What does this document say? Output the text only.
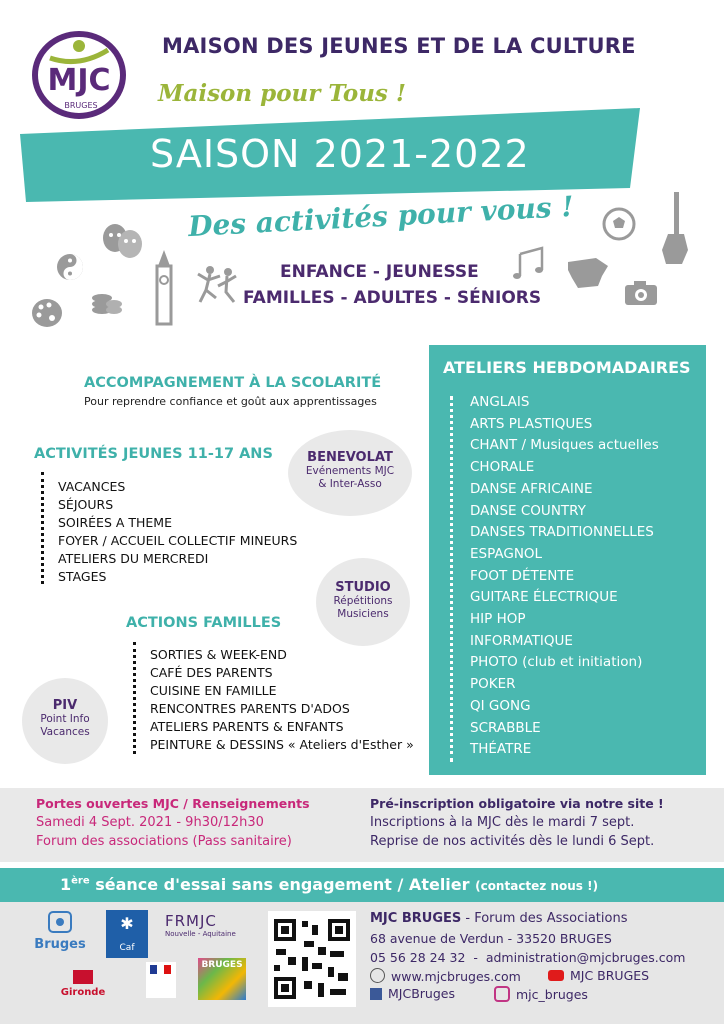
MJC
BRUGES
MAISON DES JEUNES ET DE LA CULTURE
Maison pour Tous !
SAISON 2021-2022
Des activités pour vous !
ENFANCE - JEUNESSE
FAMILLES - ADULTES - SÉNIORS
ACCOMPAGNEMENT À LA SCOLARITÉ
Pour reprendre confiance et goût aux apprentissages
ACTIVITÉS JEUNES 11-17 ANS
VACANCES
SÉJOURS
SOIRÉES A THEME
FOYER / ACCUEIL COLLECTIF MINEURS
ATELIERS DU MERCREDI
STAGES
BENEVOLAT
Evénements MJC
& Inter-Asso
STUDIO
Répétitions
Musiciens
PIV
Point Info
Vacances
ACTIONS FAMILLES
SORTIES & WEEK-END
CAFÉ DES PARENTS
CUISINE EN FAMILLE
RENCONTRES PARENTS D'ADOS
ATELIERS PARENTS & ENFANTS
PEINTURE & DESSINS « Ateliers d'Esther »
ATELIERS HEBDOMADAIRES
ANGLAIS
ARTS PLASTIQUES
CHANT / Musiques actuelles
CHORALE
DANSE AFRICAINE
DANSE COUNTRY
DANSES TRADITIONNELLES
ESPAGNOL
FOOT DÉTENTE
GUITARE ÉLECTRIQUE
HIP HOP
INFORMATIQUE
PHOTO (club et initiation)
POKER
QI GONG
SCRABBLE
THÉATRE
Portes ouvertes MJC / Renseignements
Samedi 4 Sept. 2021 - 9h30/12h30
Forum des associations (Pass sanitaire)
Pré-inscription obligatoire via notre site !
Inscriptions à la MJC dès le mardi 7 sept.
Reprise de nos activités dès le lundi 6 Sept.
1ère séance d'essai sans engagement / Atelier (contactez nous !)
Bruges
✱
Caf
FRMJC
Nouvelle - Aquitaine
Gironde
BRUGES
MJC BRUGES - Forum des Associations
68 avenue de Verdun - 33520 BRUGES
05 56 28 24 32  -  administration@mjcbruges.com
www.mjcbruges.com	MJC BRUGES
MJCBruges	mjc_bruges
